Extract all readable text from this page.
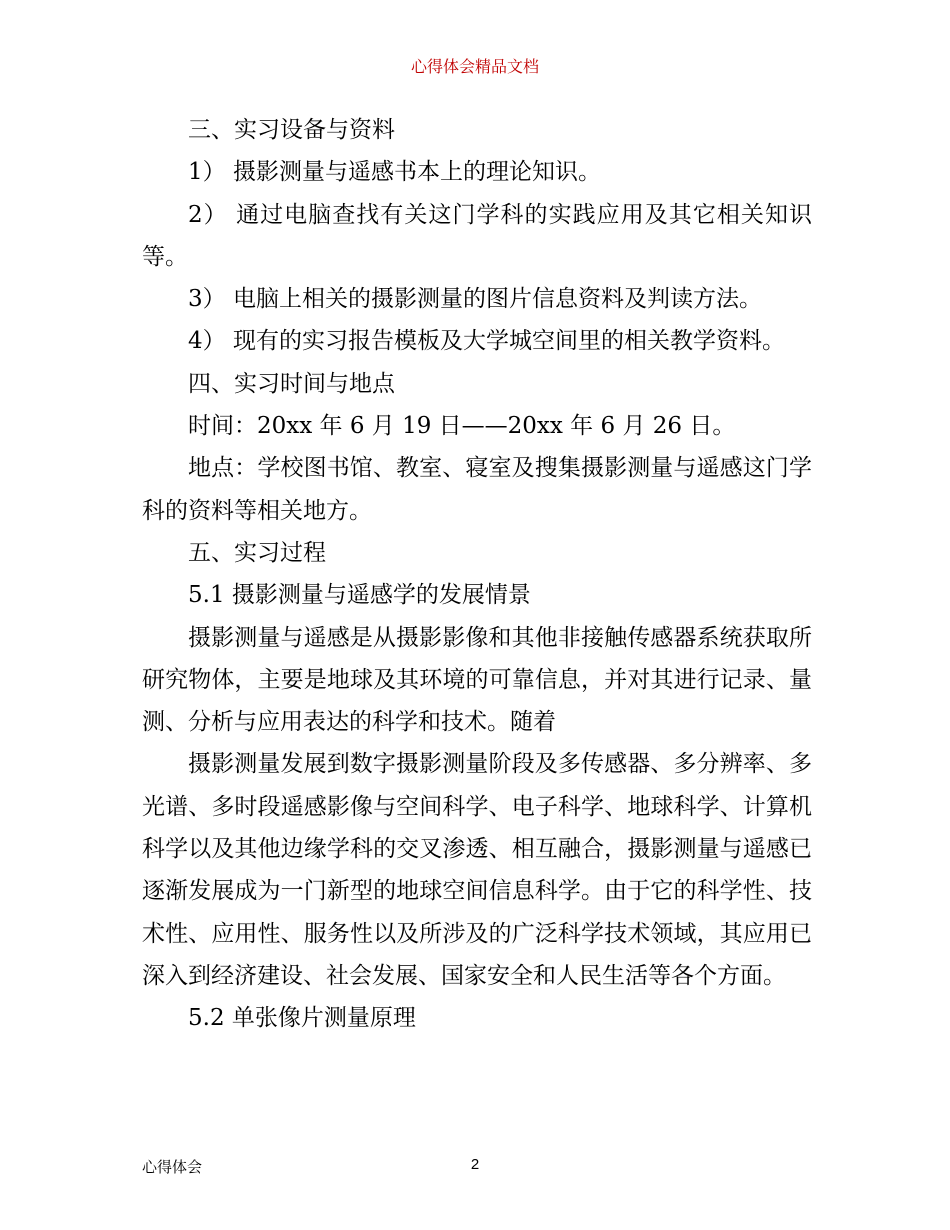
心得体会精品文档

三、实习设备与资料

1） 摄影测量与遥感书本上的理论知识。

2） 通过电脑查找有关这门学科的实践应用及其它相关知识等。

3） 电脑上相关的摄影测量的图片信息资料及判读方法。

4） 现有的实习报告模板及大学城空间里的相关教学资料。

四、实习时间与地点

时间：20xx 年 6 月 19 日——20xx 年 6 月 26 日。

地点：学校图书馆、教室、寝室及搜集摄影测量与遥感这门学科的资料等相关地方。

五、实习过程

5.1 摄影测量与遥感学的发展情景

摄影测量与遥感是从摄影影像和其他非接触传感器系统获取所研究物体，主要是地球及其环境的可靠信息，并对其进行记录、量测、分析与应用表达的科学和技术。随着

摄影测量发展到数字摄影测量阶段及多传感器、多分辨率、多光谱、多时段遥感影像与空间科学、电子科学、地球科学、计算机科学以及其他边缘学科的交叉渗透、相互融合，摄影测量与遥感已逐渐发展成为一门新型的地球空间信息科学。由于它的科学性、技术性、应用性、服务性以及所涉及的广泛科学技术领域，其应用已深入到经济建设、社会发展、国家安全和人民生活等各个方面。

5.2 单张像片测量原理

心得体会	2
